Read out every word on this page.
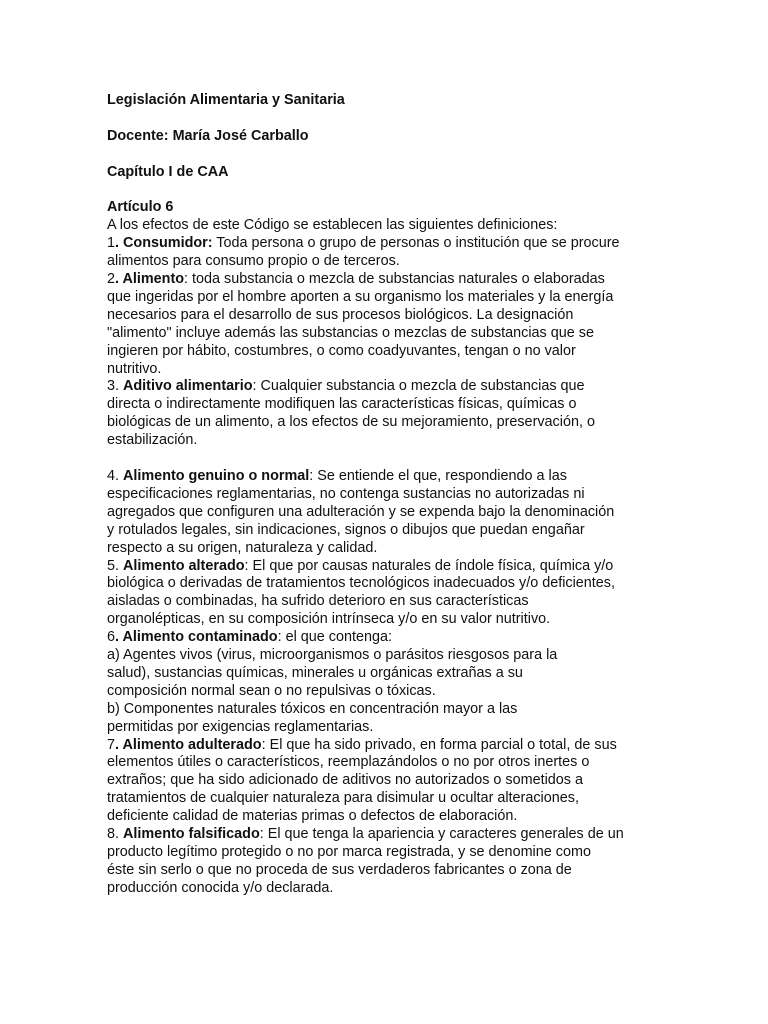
Legislación Alimentaria y Sanitaria

Docente: María José Carballo

Capítulo I de CAA

Artículo 6

A los efectos de este Código se establecen las siguientes definiciones:

1. Consumidor: Toda persona o grupo de personas o institución que se procure

alimentos para consumo propio o de terceros.

2. Alimento: toda substancia o mezcla de substancias naturales o elaboradas

que ingeridas por el hombre aporten a su organismo los materiales y la energía

necesarios para el desarrollo de sus procesos biológicos. La designación

"alimento" incluye además las substancias o mezclas de substancias que se

ingieren por hábito, costumbres, o como coadyuvantes, tengan o no valor

nutritivo.

3. Aditivo alimentario: Cualquier substancia o mezcla de substancias que

directa o indirectamente modifiquen las características físicas, químicas o

biológicas de un alimento, a los efectos de su mejoramiento, preservación, o

estabilización.

4. Alimento genuino o normal: Se entiende el que, respondiendo a las

especificaciones reglamentarias, no contenga sustancias no autorizadas ni

agregados que configuren una adulteración y se expenda bajo la denominación

y rotulados legales, sin indicaciones, signos o dibujos que puedan engañar

respecto a su origen, naturaleza y calidad.

5. Alimento alterado: El que por causas naturales de índole física, química y/o

biológica o derivadas de tratamientos tecnológicos inadecuados y/o deficientes,

aisladas o combinadas, ha sufrido deterioro en sus características

organolépticas, en su composición intrínseca y/o en su valor nutritivo.

6. Alimento contaminado: el que contenga:

a) Agentes vivos (virus, microorganismos o parásitos riesgosos para la

salud), sustancias químicas, minerales u orgánicas extrañas a su

composición normal sean o no repulsivas o tóxicas.

b) Componentes naturales tóxicos en concentración mayor a las

permitidas por exigencias reglamentarias.

7. Alimento adulterado: El que ha sido privado, en forma parcial o total, de sus

elementos útiles o característicos, reemplazándolos o no por otros inertes o

extraños; que ha sido adicionado de aditivos no autorizados o sometidos a

tratamientos de cualquier naturaleza para disimular u ocultar alteraciones,

deficiente calidad de materias primas o defectos de elaboración.

8. Alimento falsificado: El que tenga la apariencia y caracteres generales de un

producto legítimo protegido o no por marca registrada, y se denomine como

éste sin serlo o que no proceda de sus verdaderos fabricantes o zona de

producción conocida y/o declarada.
